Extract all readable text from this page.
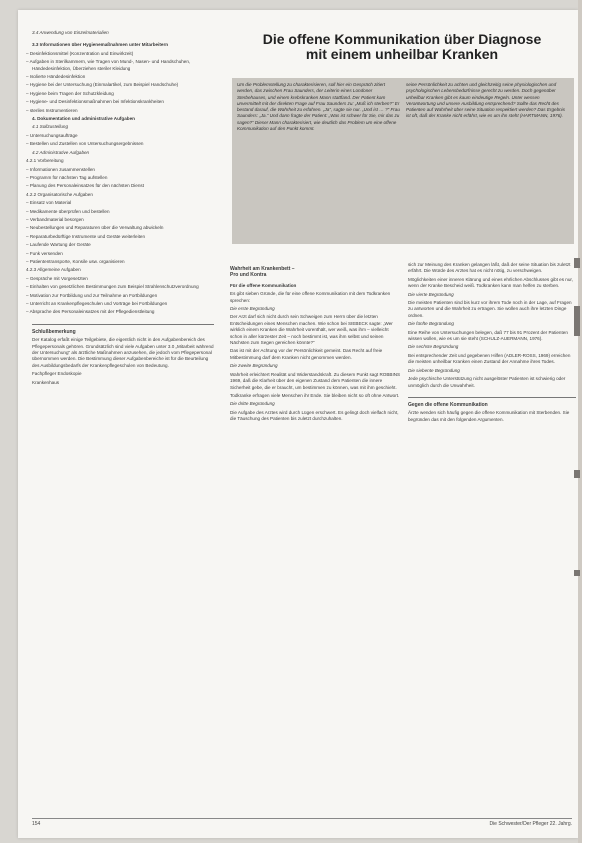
3.4 Anwendung von Einzelmaterialien

3.3 Informationen über Hygienemaßnahmen unter Mitarbeitern

– Desinfektionsmittel (Konzentration und Einwirkzeit)

– Aufgaben in Sterilkammern, wie Tragen von Mund-, Nasen- und Handschuhen, Händedesinfektion, Überziehen steriler Kleidung

– Isolierte Händedesinfektion

– Hygiene bei der Untersuchung (Einmalartikel, zum Beispiel Handschuhe)

– Hygiene beim Tragen der Schutzkleidung

– Hygiene- und Desinfektionsmaßnahmen bei Infektionskrankheiten

– steriles Instrumentieren

4. Dokumentation und administrative Aufgaben

4.1 Sollzustellung

– Untersuchungsaufträge

– Bestellen und Zustellen von Untersuchungsergebnissen

4.2 Administrative Aufgaben

4.2.1 Vorbereitung

– Informationen zusammenstellen

– Programm für nächsten Tag aufstellen

– Planung des Personaleinsatzes für den nächsten Dienst

4.2.2 Organisatorische Aufgaben

– Einsatz von Material

– Medikamente überprüfen und bestellen

– Verbandmaterial besorgen

– Neubestellungen und Reparaturen über die Verwaltung abwickeln

– Reparaturbedürftige Instrumente und Geräte weiterleiten

– Laufende Wartung der Geräte

– Funk versenden

– Patiententransporte, Konsile usw. organisieren

4.2.3 Allgemeine Aufgaben

– Gespräche mit Vorgesetzten

– Einhalten von gesetzlichen Bestimmungen zum Beispiel Strahlenschutzverordnung

– Motivation zur Fortbildung und zur Teilnahme an Fortbildungen

– Unterricht an Krankenpflegeschulen und Vorträge bei Fortbildungen

– Absprache des Personaleinsatzes mit der Pflegedienstleitung

Schlußbemerkung

Der Katalog erfaßt einige Teilgebiete, die eigentlich nicht in den Aufgabenbereich des Pflegepersonals gehören. Grundsätzlich sind viele Aufgaben unter 3.0 „Mitarbeit während der Untersuchung“ als ärztliche Maßnahmen anzusehen, die jedoch vom Pflegepersonal übernommen werden. Die Bestimmung dieser Aufgabenbereiche ist für die Beurteilung des Ausbildungsbedarfs der Krankenpflegeschulen von Bedeutung.

Fachpfleger Endoskopie

Krankenhaus

Die offene Kommunikation über Diagnose
mit einem unheilbar Kranken

Um die Problemstellung zu charakterisieren, soll hier ein Gespräch zitiert werden, das zwischen Frau Saunders, der Leiterin eines Londoner Sterbehauses, und einem krebskranken Mann stattfand. Der Patient kam unvermittelt mit der direkten Frage auf Frau Saunders zu: „Muß ich sterben?“ Er bestand darauf, die Wahrheit zu erfahren. „Ja“, sagte sie nur. „Und ist … ?“ Frau Saunders: „Ja.“ Und dann fragte der Patient: „Was ist schwer für Sie, mir das zu sagen?“ Dieser Mann charakterisiert, wie deutlich das Problem um eine offene Kommunikation auf den Punkt kommt.

seine Persönlichkeit zu achten und gleichzeitig seine physiologischen und psychologischen Lebensbedürfnisse gerecht zu werden. Doch gegenüber unheilbar Kranken gibt es kaum eindeutige Regeln. Unter wessen Verantwortung und unsere Ausbildung entsprechend? Sollte das Recht des Patienten auf Wahrheit über seine Situation respektiert werden? Das Ergebnis ist oft, daß der Kranke nicht erfährt, wie es um ihn steht (HARTMANN, 1976).

Wahrheit am Krankenbett –
Pro und Kontra

Für die offene Kommunikation

Es gibt sieben Gründe, die für eine offene Kommunikation mit dem Todkranken sprechen:

Die erste Begründung

Der Arzt darf sich nicht durch sein Schweigen zum Herrn über die letzten Entscheidungen eines Menschen machen. Wie schon bei SIEBECK sagte: „Wer wirklich einem Kranken die Wahrheit vorenthält, wer weiß, was ihm – vielleicht schon in aller kürzester Zeit – noch bestimmt ist, was ihm selbst und seinen Nächsten zum Segen gereichen könnte?“

Das ist mit der Achtung vor der Persönlichkeit gemeint. Das Recht auf freie Mitbestimmung darf dem Kranken nicht genommen werden.

Die zweite Begründung

Wahrheit erleichtert Realität und Widerstandskraft. Zu diesem Punkt sagt ROBBINS 1969, daß die Klarheit über den eigenen Zustand dem Patienten die innere Sicherheit gebe, die er braucht, um bestimmen zu können, was mit ihm geschieht.

Todkranke erfragen viele Menschen ihr Ende. Sie bleiben nicht so oft ohne Antwort.

Die dritte Begründung

Die Aufgabe des Arztes wird durch Lügen erschwert. Es gelingt doch vielfach nicht, die Täuschung des Patienten bis zuletzt durchzuhalten.

sich zur Meinung des Kranken gelangen läßt, daß der seine Situation bis zuletzt erfährt. Die Würde des Arztes hat es nicht nötig, zu verschweigen.

Möglichkeiten einer inneren Klärung und eines ehrlichen Abschlusses gibt es nur, wenn der Kranke Bescheid weiß. Todkranken kann man helfen zu sterben.

Die vierte Begründung

Die meisten Patienten sind bis kurz vor ihrem Tode noch in der Lage, auf Fragen zu antworten und die Wahrheit zu ertragen. Sie wollen auch ihre letzten Dinge ordnen.

Die fünfte Begründung

Eine Reihe von Untersuchungen belegen, daß 77 bis 91 Prozent der Patienten wissen wollen, wie es um sie steht (SCHULZ-AUERMANN, 1976).

Die sechste Begründung

Bei entsprechender Zeit und gegebenen Hilfen (ADLER-ROSS, 1969) erreichen die meisten unheilbar Kranken einen Zustand der Annahme ihres Todes.

Die siebente Begründung

Jede psychische Unterstützung nicht ausgelöster Patienten ist schwierig oder unmöglich durch die Unwahrheit.

Gegen die offene Kommunikation

Ärzte wenden sich häufig gegen die offene Kommunikation mit Sterbenden. Sie begründen das mit den folgenden Argumenten.

154	Die Schwester/Der Pfleger 22. Jahrg.
